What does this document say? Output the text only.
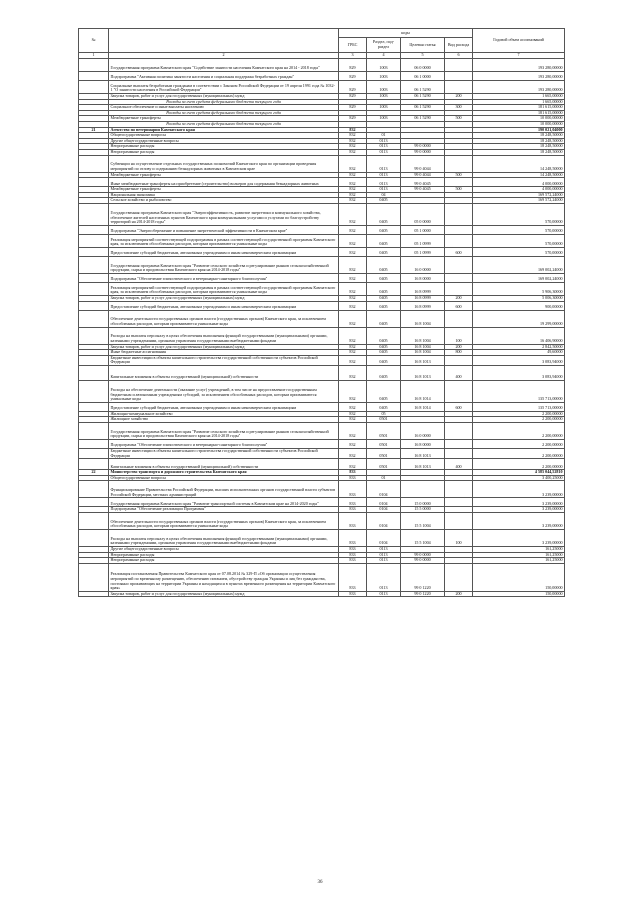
№		коды				Годовой объем ассигнований
		ГРБС	Раздел, под-раздел	Целевая статья	Вид расхода	
1	2	3	4	5	6	7
	Государственная программа Камчатского края "Содействие занятости населения Камчатского края на 2014 - 2018 годы"	829	1003	06 0 0000		193 280,00000
	Подпрограмма "Активная политика занятости населения и социальная поддержка безработных граждан"	829	1003	06 1 0000		193 280,00000
	Социальные выплаты безработным гражданам в соответствии с Законом Российской Федерации от 19 апреля 1991 года № 1032-1 "О занятости населения в Российской Федерации"	829	1003	06 1 5290		193 280,00000
	Закупка товаров, работ и услуг для государственных (муниципальных) нужд	829	1003	06 1 5290	200	1 665,00000
	Расходы за счет средств федерального бюджета текущего года					1 665,00000
	Социальное обеспечение и иные выплаты населению	829	1003	06 1 5290	300	181 615,00000
	Расходы за счет средств федерального бюджета текущего года					181 615,00000
	Межбюджетные трансферты	829	1003	06 1 5290	500	10 000,00000
	Расходы за счет средств федерального бюджета текущего года					10 000,00000
21	Агентство по ветеринарии Камчатского края	832				190 021,04000
	Общегосударственные вопросы	832	01			18 248,50000
	Другие общегосударственные вопросы	832	0113			18 248,50000
	Непрограммные расходы	832	0113	99 0 0000		18 248,50000
	Непрограммные расходы	832	0113	99 0 0000		18 248,50000
	Субвенции на осуществление отдельных государственных полномочий Камчатского края по организации проведения мероприятий по отлову и содержанию безнадзорных животных в Камчатском крае	832	0113	99 0 4044		14 248,50000
	Межбюджетные трансферты	832	0113	99 0 4044	500	14 248,50000
	Иные межбюджетные трансферты на приобретение (строительство) вольеров для содержания безнадзорных животных	832	0113	99 0 4045		4 000,00000
	Межбюджетные трансферты	832	0113	99 0 4045	500	4 000,00000
	Национальная экономика	832	04			169 572,24000
	Сельское хозяйство и рыболовство	832	0405			169 572,24000
	Государственная программа Камчатского края "Энергоэффективность, развитие энергетики и коммунального хозяйства, обеспечение жителей населенных пунктов Камчатского края коммунальными услугами и услугами по благоустройству территорий на 2014-2018 годы"	832	0405	05 0 0000		570,00000
	Подпрограмма "Энергосбережение и повышение энергетической эффективности в Камчатском крае"	832	0405	05 1 0000		570,00000
	Реализация мероприятий соответствующей подпрограммы в рамках соответствующей государственной программы Камчатского края, за исключением обособленных расходов, которым присваиваются уникальные коды	832	0405	05 1 0999		570,00000
	Предоставление субсидий бюджетным, автономным учреждениям и иным некоммерческим организациям	832	0405	05 1 0999	600	570,00000
	Государственная программа Камчатского края "Развитие сельского хозяйства и регулирование рынков сельскохозяйственной продукции, сырья и продовольствия Камчатского края на 2014-2018 годы"	832	0405	16 0 0000		169 002,24000
	Подпрограмма "Обеспечение эпизоотического и ветеринарно-санитарного благополучия"	832	0405	16 8 0000		169 002,24000
	Реализация мероприятий соответствующей подпрограммы в рамках соответствующей государственной программы Камчатского края, за исключением обособленных расходов, которым присваиваются уникальные коды	832	0405	16 8 0999		5 906,30000
	Закупка товаров, работ и услуг для государственных (муниципальных) нужд	832	0405	16 8 0999	200	5 006,30000
	Предоставление субсидий бюджетным, автономным учреждениям и иным некоммерческим организациям	832	0405	16 8 0999	600	900,00000
	Обеспечение деятельности государственных органов власти (государственных органов) Камчатского края, за исключением обособленных расходов, которым присваиваются уникальные коды	832	0405	16 8 1004		19 299,00000
	Расходы на выплаты персоналу в целях обеспечения выполнения функций государственными (муниципальными) органами, казенными учреждениями, органами управления государственными внебюджетными фондами	832	0405	16 8 1004	100	16 406,90000
	Закупка товаров, работ и услуг для государственных (муниципальных) нужд	832	0405	16 8 1004	200	2 842,50000
	Иные бюджетные ассигнования	832	0405	16 8 1004	800	49,60000
	Бюджетные инвестиции в объекты капитального строительства государственной собственности субъектов Российской Федерации	832	0405	16 8 1013		3 083,94000
	Капитальные вложения в объекты государственной (муниципальной) собственности	832	0405	16 8 1013	400	3 083,94000
	Расходы на обеспечение деятельности (оказание услуг) учреждений, в том числе на предоставление государственным бюджетным и автономным учреждениям субсидий, за исключением обособленных расходов, которым присваиваются уникальные коды	832	0405	16 8 1014		135 713,00000
	Предоставление субсидий бюджетным, автономным учреждениям и иным некоммерческим организациям	832	0405	16 8 1014	600	135 713,00000
	Жилищно-коммунальное хозяйство	832	05			2 200,00000
	Жилищное хозяйство	832	0501			2 200,00000
	Государственная программа Камчатского края "Развитие сельского хозяйства и регулирование рынков сельскохозяйственной продукции, сырья и продовольствия Камчатского края на 2014-2018 годы"	832	0501	16 0 0000		2 200,00000
	Подпрограмма "Обеспечение эпизоотического и ветеринарно-санитарного благополучия"	832	0501	16 8 0000		2 200,00000
	Бюджетные инвестиции в объекты капитального строительства государственной собственности субъектов Российской Федерации	832	0501	16 8 1013		2 200,00000
	Капитальные вложения в объекты государственной (муниципальной) собственности	832	0501	16 8 1013	400	2 200,00000
22	Министерство транспорта и дорожного строительства Камчатского края	833				4 585 044,52810
	Общегосударственные вопросы	833	01			3 400,25000
	Функционирование Правительства Российской Федерации, высших исполнительных органов государственной власти субъектов Российской Федерации, местных администраций	833	0104			3 239,00000
	Государственная программа Камчатского края "Развитие транспортной системы в Камчатском крае на 2014-2020 годы"	833	0104	15 0 0000		3 239,00000
	Подпрограмма "Обеспечение реализации Программы"	833	0104	15 5 0000		3 239,00000
	Обеспечение деятельности государственных органов власти (государственных органов) Камчатского края, за исключением обособленных расходов, которым присваиваются уникальные коды	833	0104	15 5 1004		3 239,00000
	Расходы на выплаты персоналу в целях обеспечения выполнения функций государственными (муниципальными) органами, казенными учреждениями, органами управления государственными внебюджетными фондами	833	0104	15 5 1004	100	3 239,00000
	Другие общегосударственные вопросы	833	0113			161,25000
	Непрограммные расходы	833	0113	99 0 0000		161,25000
	Непрограммные расходы	833	0113	99 0 0000		161,25000
	Реализация постановления Правительства Камчатского края от 07.08.2014 № 329-П «Об организации осуществления мероприятий по временному размещению, обеспечению питанием, обустройству граждан Украины и лиц без гражданства, постоянно проживающих на территории Украины и находящихся в пунктах временного размещения на территории Камчатского края»	833	0113	99 0 1220		150,00000
	Закупка товаров, работ и услуг для государственных (муниципальных) нужд	833	0113	99 0 1220	200	150,00000
36
